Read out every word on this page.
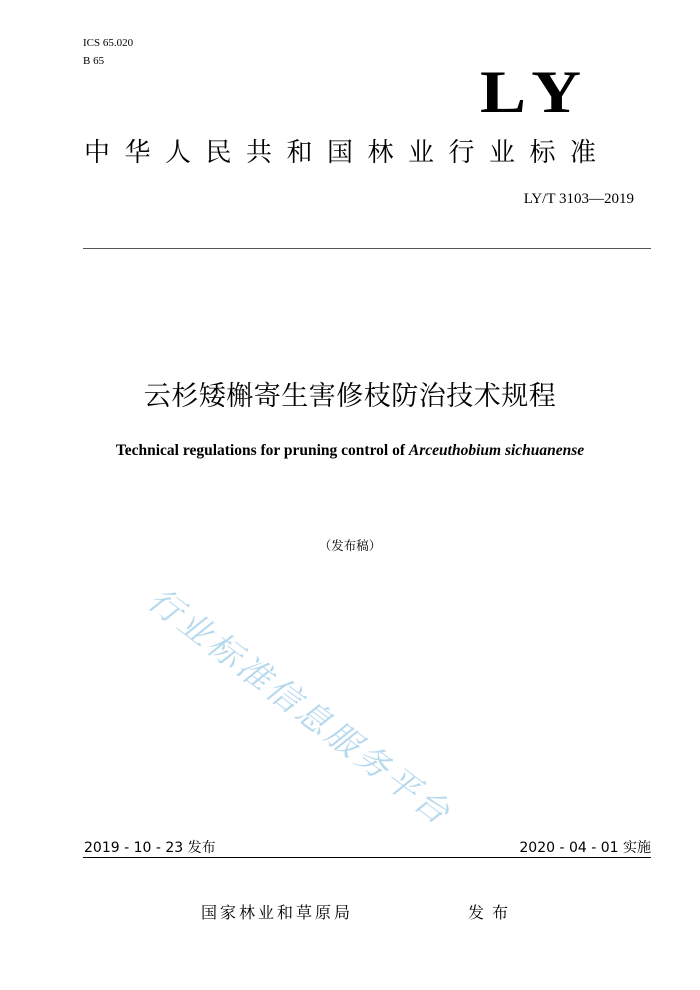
ICS 65.020
B 65	LY
中华人民共和国林业行业标准
LY/T 3103—2019
云杉矮槲寄生害修枝防治技术规程
Technical regulations for pruning control of Arceuthobium sichuanense
（发布稿）
行业标准信息服务平台
2019 - 10 - 23 发布	2020 - 04 - 01 实施
国家林业和草原局	发布
